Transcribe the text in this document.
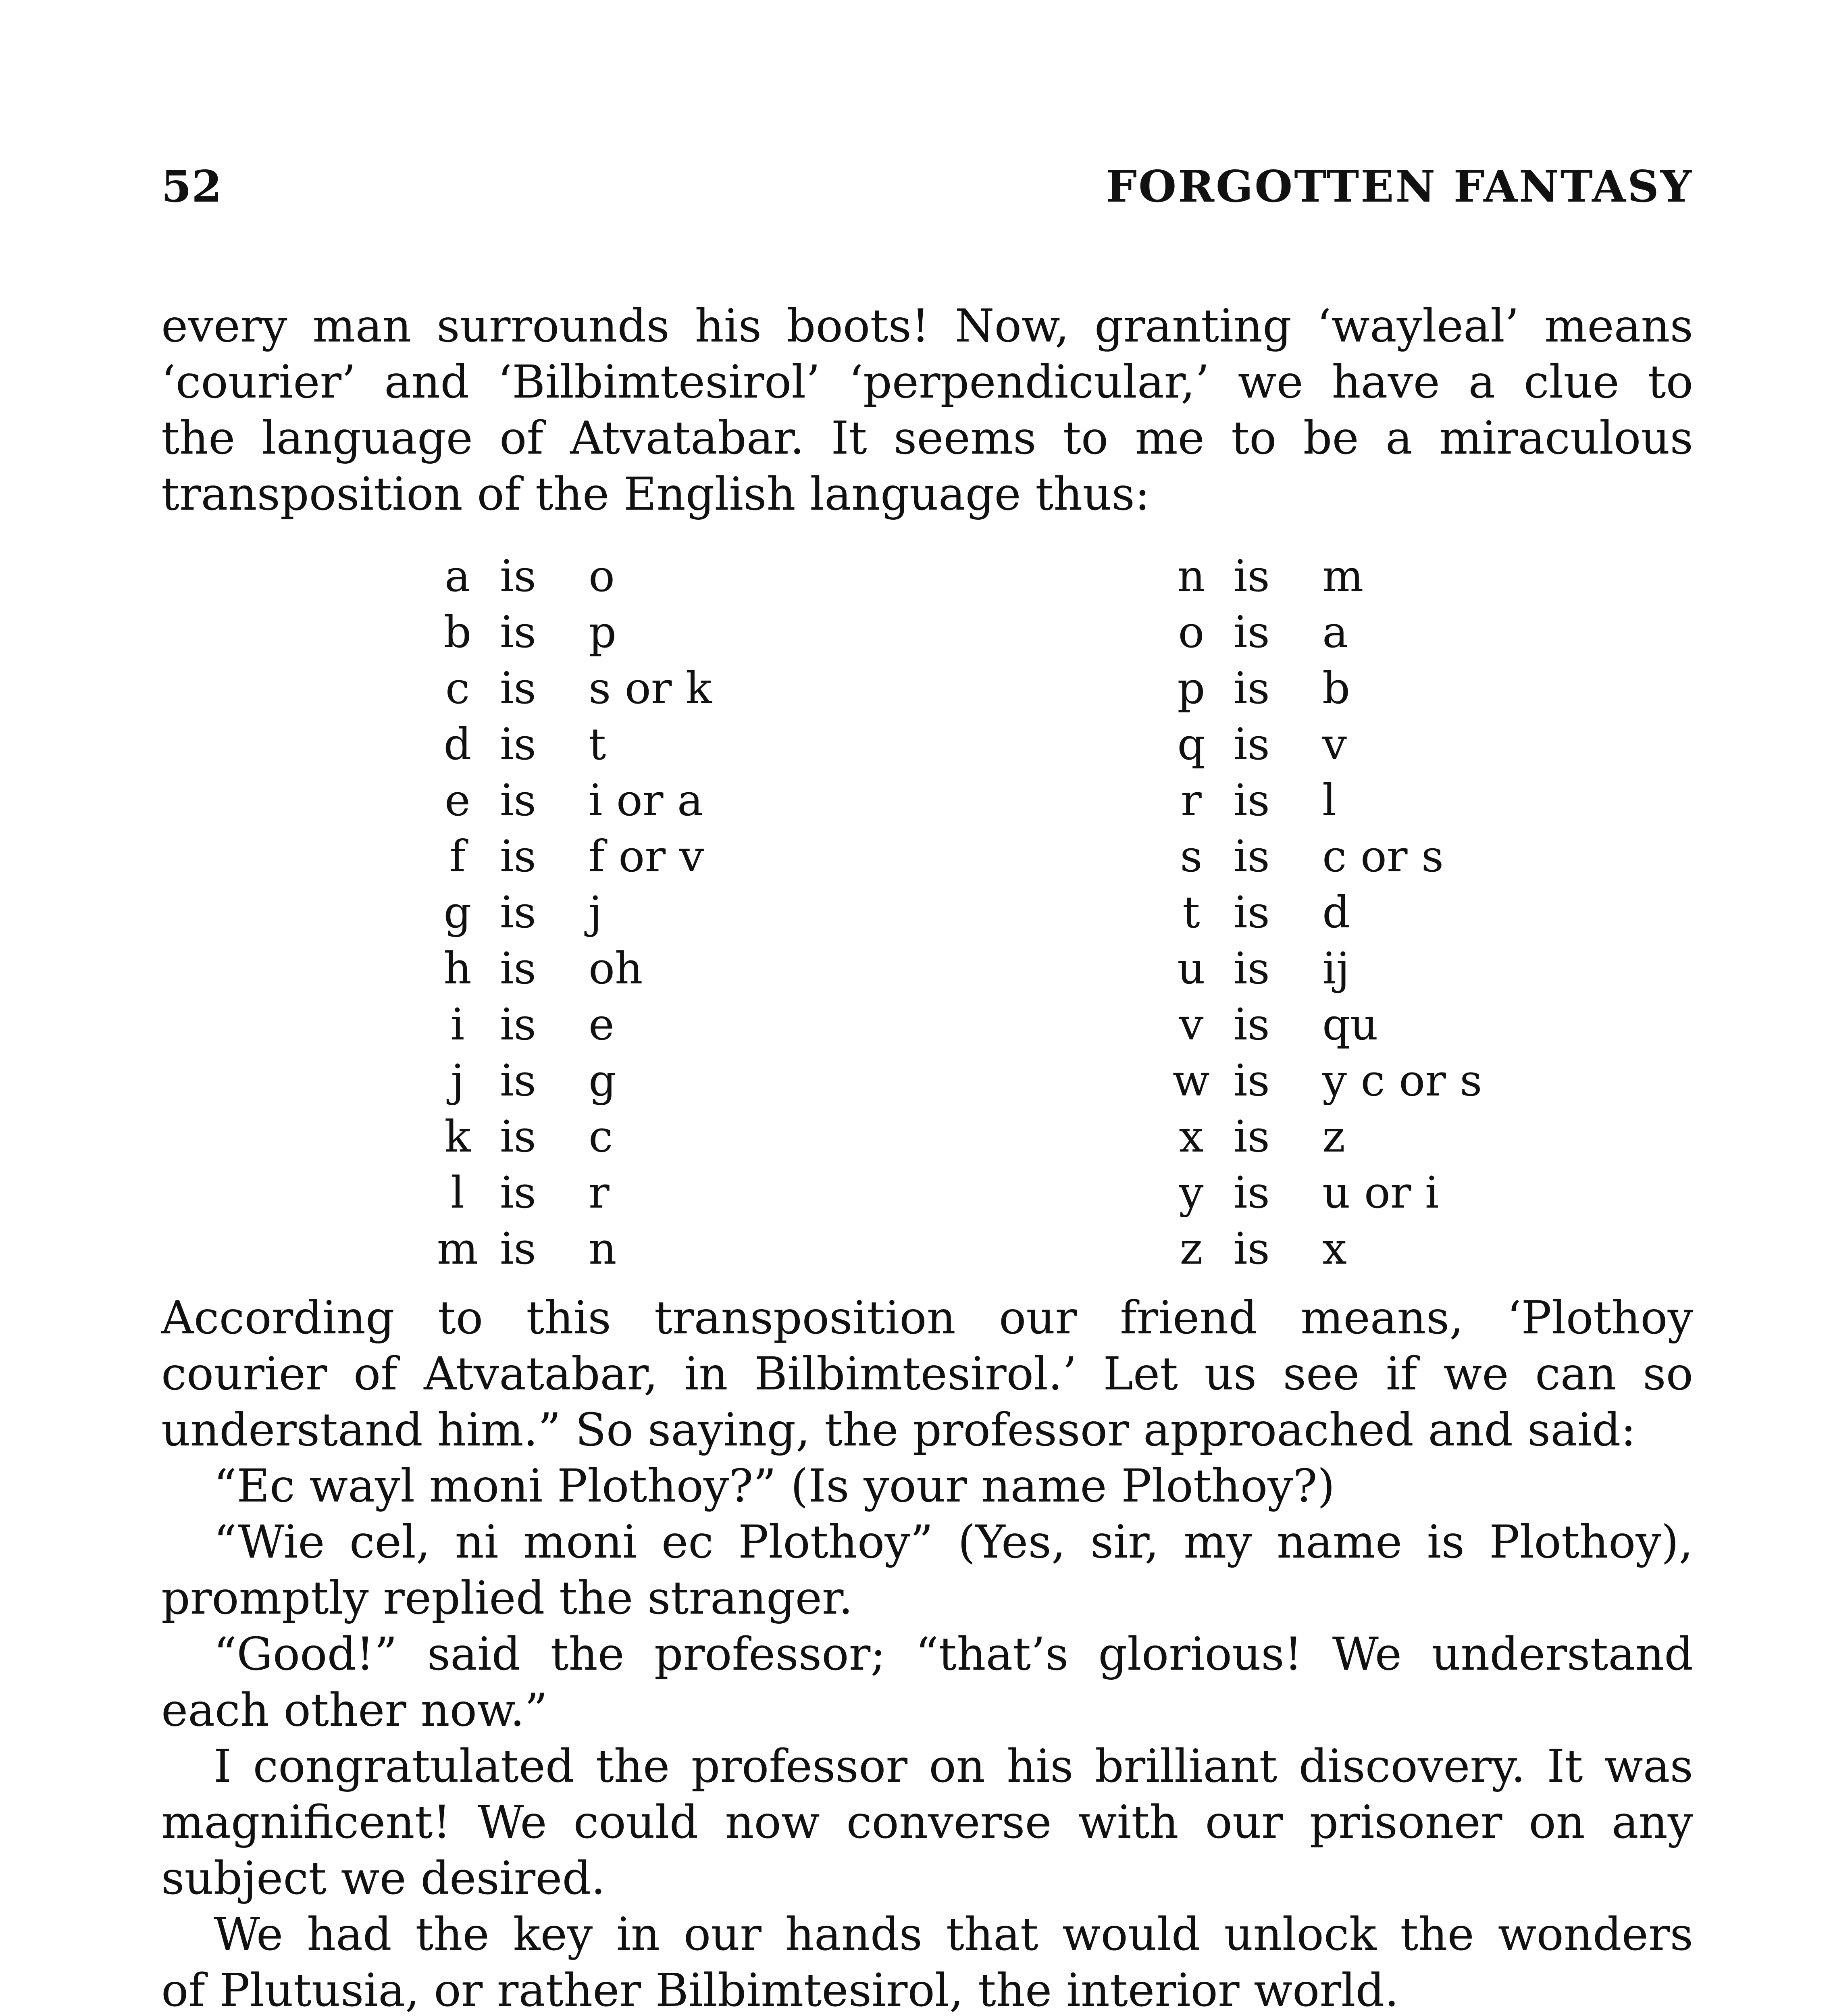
52	FORGOTTEN FANTASY
every man surrounds his boots! Now, granting ‘wayleal’ means
‘courier’ and ‘Bilbimtesirol’ ‘perpendicular,’ we have a clue to
the language of Atvatabar. It seems to me to be a miraculous
transposition of the English language thus:
a is o
b is p
c is s or k
d is t
e is i or a
f is f or v
g is j
h is oh
i is e
j is g
k is c
l is r
m is n
n is m
o is a
p is b
q is v
r is l
s is c or s
t is d
u is ij
v is qu
w is y c or s
x is z
y is u or i
z is x
According to this transposition our friend means, ‘Plothoy
courier of Atvatabar, in Bilbimtesirol.’ Let us see if we can so
understand him.” So saying, the professor approached and said:
“Ec wayl moni Plothoy?” (Is your name Plothoy?)
“Wie cel, ni moni ec Plothoy” (Yes, sir, my name is Plothoy),
promptly replied the stranger.
“Good!” said the professor; “that’s glorious! We understand
each other now.”
I congratulated the professor on his brilliant discovery. It was
magnificent! We could now converse with our prisoner on any
subject we desired.
We had the key in our hands that would unlock the wonders
of Plutusia, or rather Bilbimtesirol, the interior world.
